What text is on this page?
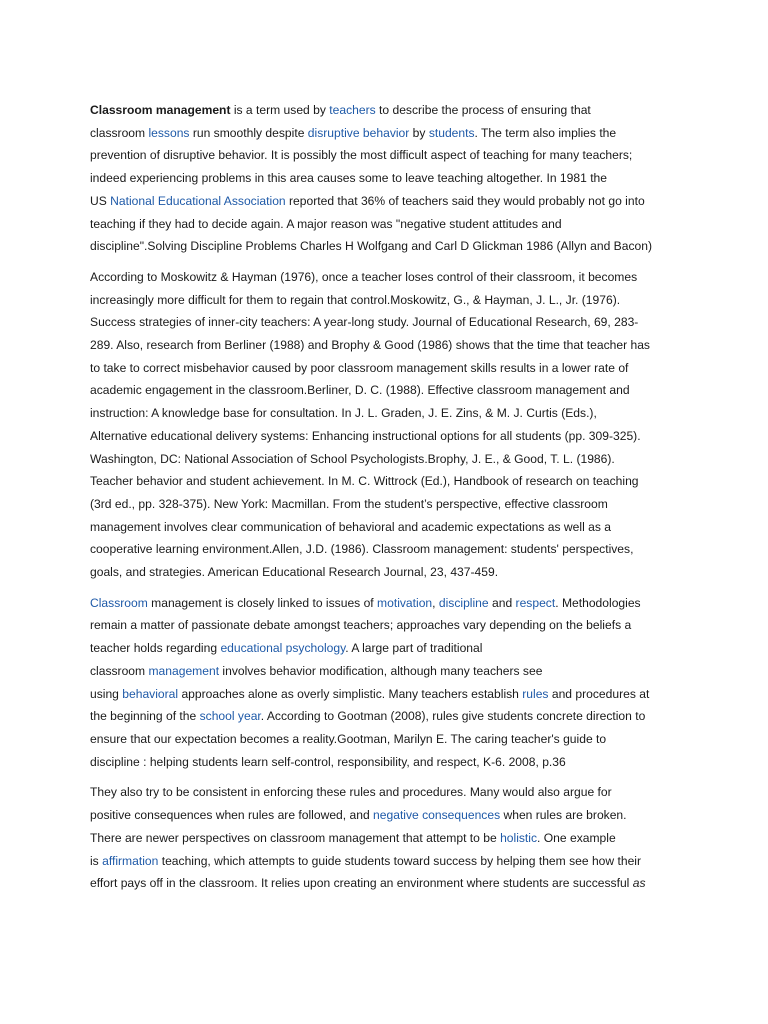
Classroom management is a term used by teachers to describe the process of ensuring that
classroom lessons run smoothly despite disruptive behavior by students. The term also implies the
prevention of disruptive behavior. It is possibly the most difficult aspect of teaching for many teachers;
indeed experiencing problems in this area causes some to leave teaching altogether. In 1981 the
US National Educational Association reported that 36% of teachers said they would probably not go into
teaching if they had to decide again. A major reason was "negative student attitudes and
discipline".Solving Discipline Problems Charles H Wolfgang and Carl D Glickman 1986 (Allyn and Bacon)
According to Moskowitz & Hayman (1976), once a teacher loses control of their classroom, it becomes
increasingly more difficult for them to regain that control.Moskowitz, G., & Hayman, J. L., Jr. (1976).
Success strategies of inner-city teachers: A year-long study. Journal of Educational Research, 69, 283-
289. Also, research from Berliner (1988) and Brophy & Good (1986) shows that the time that teacher has
to take to correct misbehavior caused by poor classroom management skills results in a lower rate of
academic engagement in the classroom.Berliner, D. C. (1988). Effective classroom management and
instruction: A knowledge base for consultation. In J. L. Graden, J. E. Zins, & M. J. Curtis (Eds.),
Alternative educational delivery systems: Enhancing instructional options for all students (pp. 309-325).
Washington, DC: National Association of School Psychologists.Brophy, J. E., & Good, T. L. (1986).
Teacher behavior and student achievement. In M. C. Wittrock (Ed.), Handbook of research on teaching
(3rd ed., pp. 328-375). New York: Macmillan. From the student’s perspective, effective classroom
management involves clear communication of behavioral and academic expectations as well as a
cooperative learning environment.Allen, J.D. (1986). Classroom management: students' perspectives,
goals, and strategies. American Educational Research Journal, 23, 437-459.
Classroom management is closely linked to issues of motivation, discipline and respect. Methodologies
remain a matter of passionate debate amongst teachers; approaches vary depending on the beliefs a
teacher holds regarding educational psychology. A large part of traditional
classroom management involves behavior modification, although many teachers see
using behavioral approaches alone as overly simplistic. Many teachers establish rules and procedures at
the beginning of the school year. According to Gootman (2008), rules give students concrete direction to
ensure that our expectation becomes a reality.Gootman, Marilyn E. The caring teacher's guide to
discipline : helping students learn self-control, responsibility, and respect, K-6. 2008, p.36
They also try to be consistent in enforcing these rules and procedures. Many would also argue for
positive consequences when rules are followed, and negative consequences when rules are broken.
There are newer perspectives on classroom management that attempt to be holistic. One example
is affirmation teaching, which attempts to guide students toward success by helping them see how their
effort pays off in the classroom. It relies upon creating an environment where students are successful as
